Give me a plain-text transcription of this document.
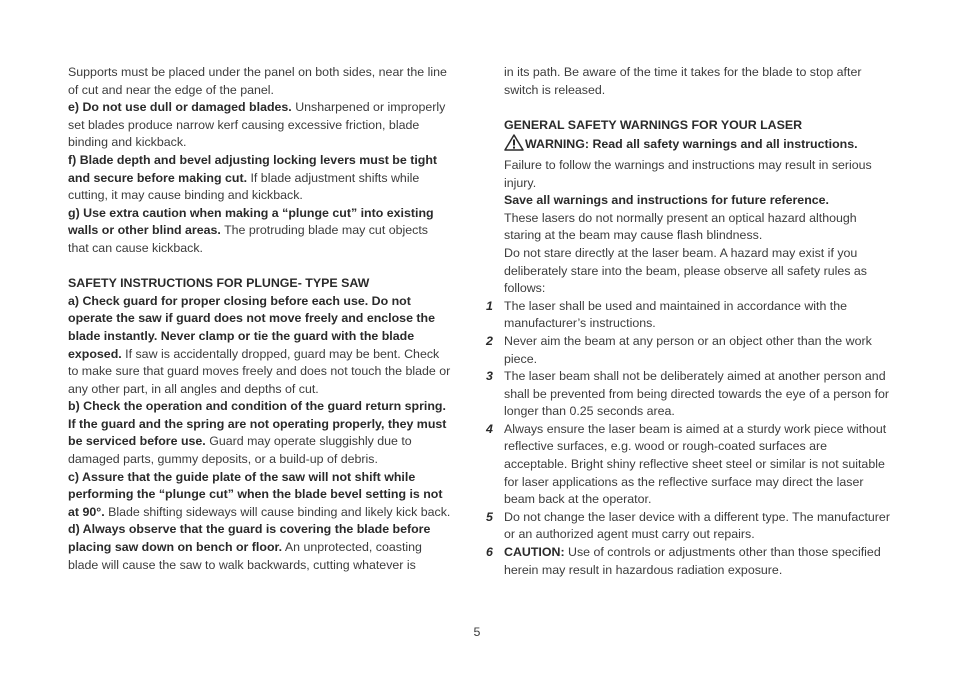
Supports must be placed under the panel on both sides, near the line of cut and near the edge of the panel.

e) Do not use dull or damaged blades. Unsharpened or improperly set blades produce narrow kerf causing excessive friction, blade binding and kickback.

f) Blade depth and bevel adjusting locking levers must be tight and secure before making cut. If blade adjustment shifts while cutting, it may cause binding and kickback.

g) Use extra caution when making a “plunge cut” into existing walls or other blind areas. The protruding blade may cut objects that can cause kickback.

SAFETY INSTRUCTIONS FOR PLUNGE- TYPE SAW

a) Check guard for proper closing before each use. Do not operate the saw if guard does not move freely and enclose the blade instantly. Never clamp or tie the guard with the blade exposed. If saw is accidentally dropped, guard may be bent. Check to make sure that guard moves freely and does not touch the blade or any other part, in all angles and depths of cut.

b) Check the operation and condition of the guard return spring. If the guard and the spring are not operating properly, they must be serviced before use. Guard may operate sluggishly due to damaged parts, gummy deposits, or a build-up of debris.

c) Assure that the guide plate of the saw will not shift while performing the “plunge cut” when the blade bevel setting is not at 90°. Blade shifting sideways will cause binding and likely kick back.

d) Always observe that the guard is covering the blade before placing saw down on bench or floor. An unprotected, coasting blade will cause the saw to walk backwards, cutting whatever is

in its path. Be aware of the time it takes for the blade to stop after switch is released.

GENERAL SAFETY WARNINGS FOR YOUR LASER

WARNING: Read all safety warnings and all instructions.

Failure to follow the warnings and instructions may result in serious injury.

Save all warnings and instructions for future reference.

These lasers do not normally present an optical hazard although staring at the beam may cause flash blindness.

Do not stare directly at the laser beam. A hazard may exist if you deliberately stare into the beam, please observe all safety rules as follows:

1 The laser shall be used and maintained in accordance with the manufacturer’s instructions.

2 Never aim the beam at any person or an object other than the work piece.

3 The laser beam shall not be deliberately aimed at another person and shall be prevented from being directed towards the eye of a person for longer than 0.25 seconds area.

4 Always ensure the laser beam is aimed at a sturdy work piece without reflective surfaces, e.g. wood or rough-coated surfaces are acceptable. Bright shiny reflective sheet steel or similar is not suitable for laser applications as the reflective surface may direct the laser beam back at the operator.

5 Do not change the laser device with a different type. The manufacturer or an authorized agent must carry out repairs.

6 CAUTION: Use of controls or adjustments other than those specified herein may result in hazardous radiation exposure.

5
